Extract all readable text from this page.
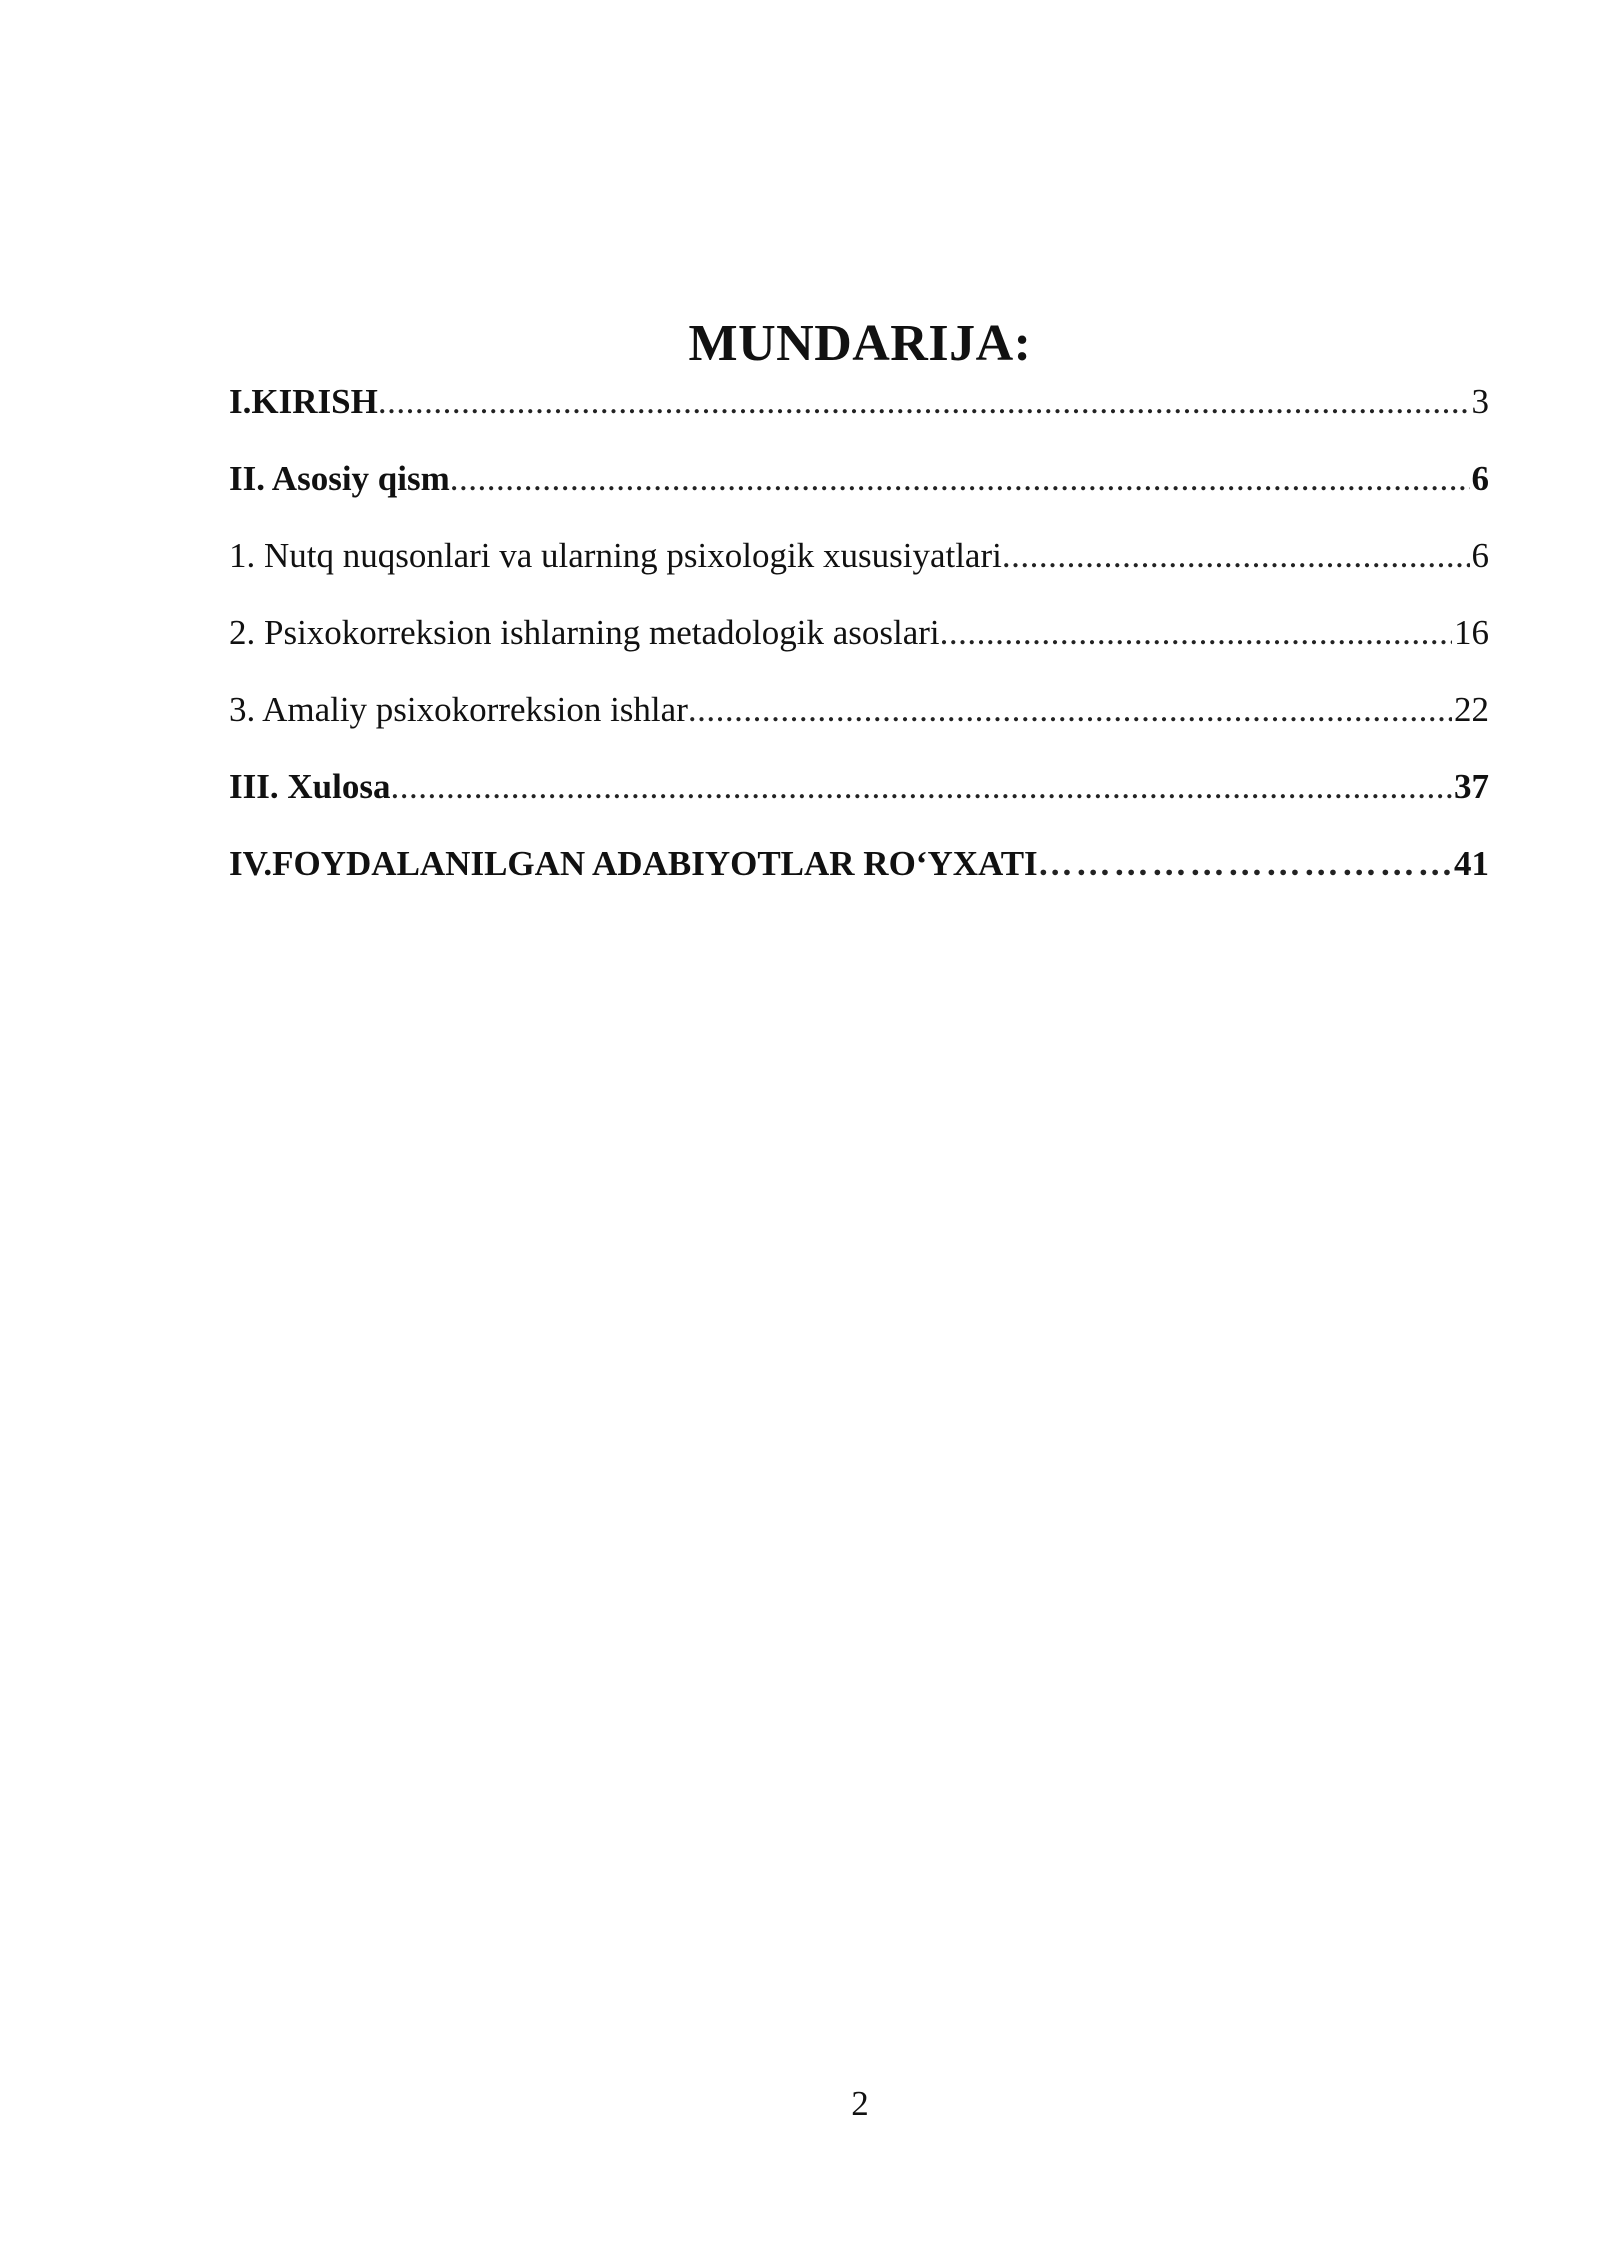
MUNDARIJA:
I.KIRISH .....	3
II. Asosiy qism .....	6
1. Nutq nuqsonlari va ularning psixologik xususiyatlari .....	6
2. Psixokorreksion ishlarning metadologik asoslari .....	16
3. Amaliy psixokorreksion ishlar .....	22
III. Xulosa .....	37
IV.FOYDALANILGAN ADABIYOTLAR RO‘YXATI ……………………………………………………………………………………………………	41
2
